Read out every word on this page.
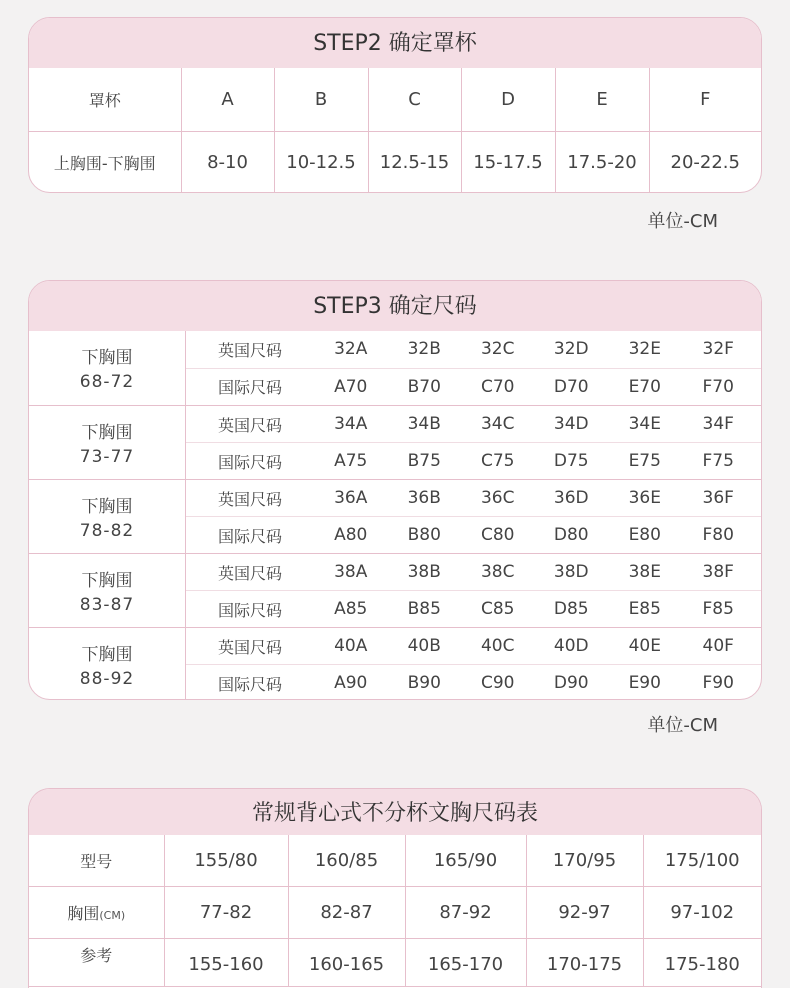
STEP2 确定罩杯
罩杯	A	B	C	D	E	F
上胸围-下胸围	8-10	10-12.5	12.5-15	15-17.5	17.5-20	20-22.5
单位-CM
STEP3 确定尺码
下胸围
68-72
英国尺码	32A	32B	32C	32D	32E	32F
国际尺码	A70	B70	C70	D70	E70	F70
下胸围
73-77
英国尺码	34A	34B	34C	34D	34E	34F
国际尺码	A75	B75	C75	D75	E75	F75
下胸围
78-82
英国尺码	36A	36B	36C	36D	36E	36F
国际尺码	A80	B80	C80	D80	E80	F80
下胸围
83-87
英国尺码	38A	38B	38C	38D	38E	38F
国际尺码	A85	B85	C85	D85	E85	F85
下胸围
88-92
英国尺码	40A	40B	40C	40D	40E	40F
国际尺码	A90	B90	C90	D90	E90	F90
单位-CM
常规背心式不分杯文胸尺码表
型号	155/80	160/85	165/90	170/95	175/100
胸围(CM)	77-82	82-87	87-92	92-97	97-102
参考	155-160	160-165	165-170	170-175	175-180
